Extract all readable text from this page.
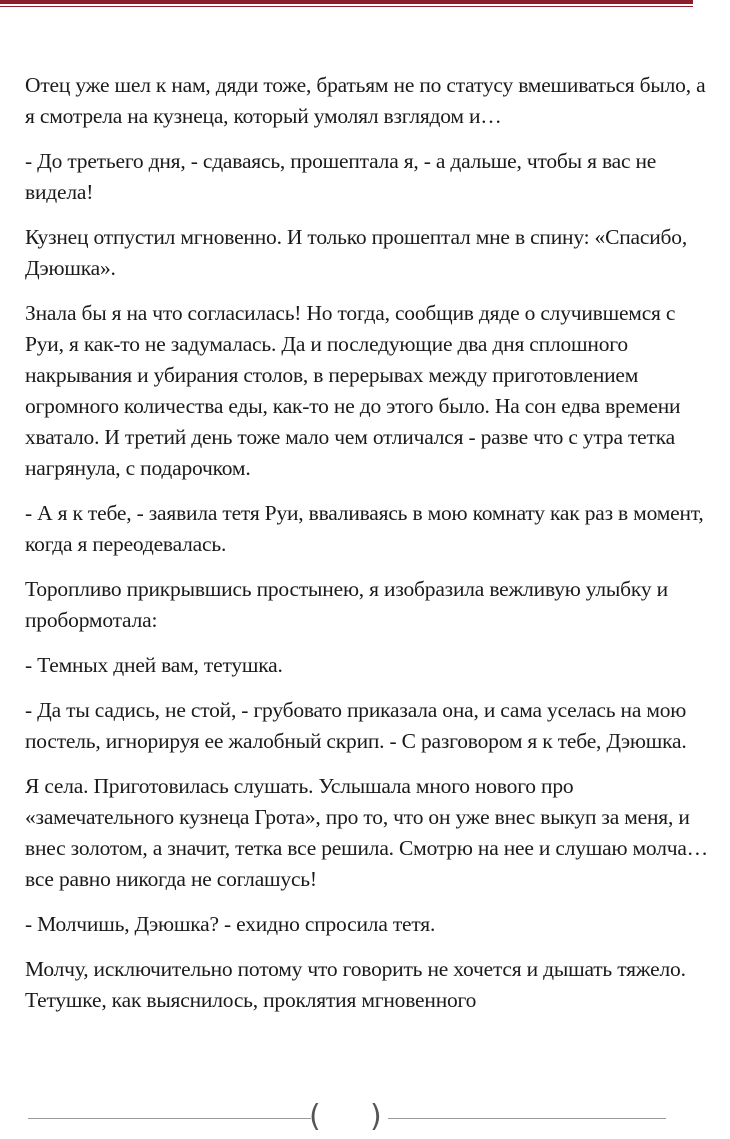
Отец уже шел к нам, дяди тоже, братьям не по статусу вмешиваться было, а я смотрела на кузнеца, который умолял взглядом и…

- До третьего дня, - сдаваясь, прошептала я, - а дальше, чтобы я вас не видела!

Кузнец отпустил мгновенно. И только прошептал мне в спину: «Спасибо, Дэюшка».

Знала бы я на что согласилась! Но тогда, сообщив дяде о случившемся с Руи, я как-то не задумалась. Да и последующие два дня сплошного накрывания и убирания столов, в перерывах между приготовлением огромного количества еды, как-то не до этого было. На сон едва времени хватало. И третий день тоже мало чем отличался - разве что с утра тетка нагрянула, с подарочком.

- А я к тебе, - заявила тетя Руи, вваливаясь в мою комнату как раз в момент, когда я переодевалась.

Торопливо прикрывшись простынею, я изобразила вежливую улыбку и пробормотала:

- Темных дней вам, тетушка.

- Да ты садись, не стой, - грубовато приказала она, и сама уселась на мою постель, игнорируя ее жалобный скрип. - С разговором я к тебе, Дэюшка.

Я села. Приготовилась слушать. Услышала много нового про «замечательного кузнеца Грота», про то, что он уже внес выкуп за меня, и внес золотом, а значит, тетка все решила. Смотрю на нее и слушаю молча… все равно никогда не соглашусь!

- Молчишь, Дэюшка? - ехидно спросила тетя.

Молчу, исключительно потому что говорить не хочется и дышать тяжело. Тетушке, как выяснилось, проклятия мгновенного

( )
